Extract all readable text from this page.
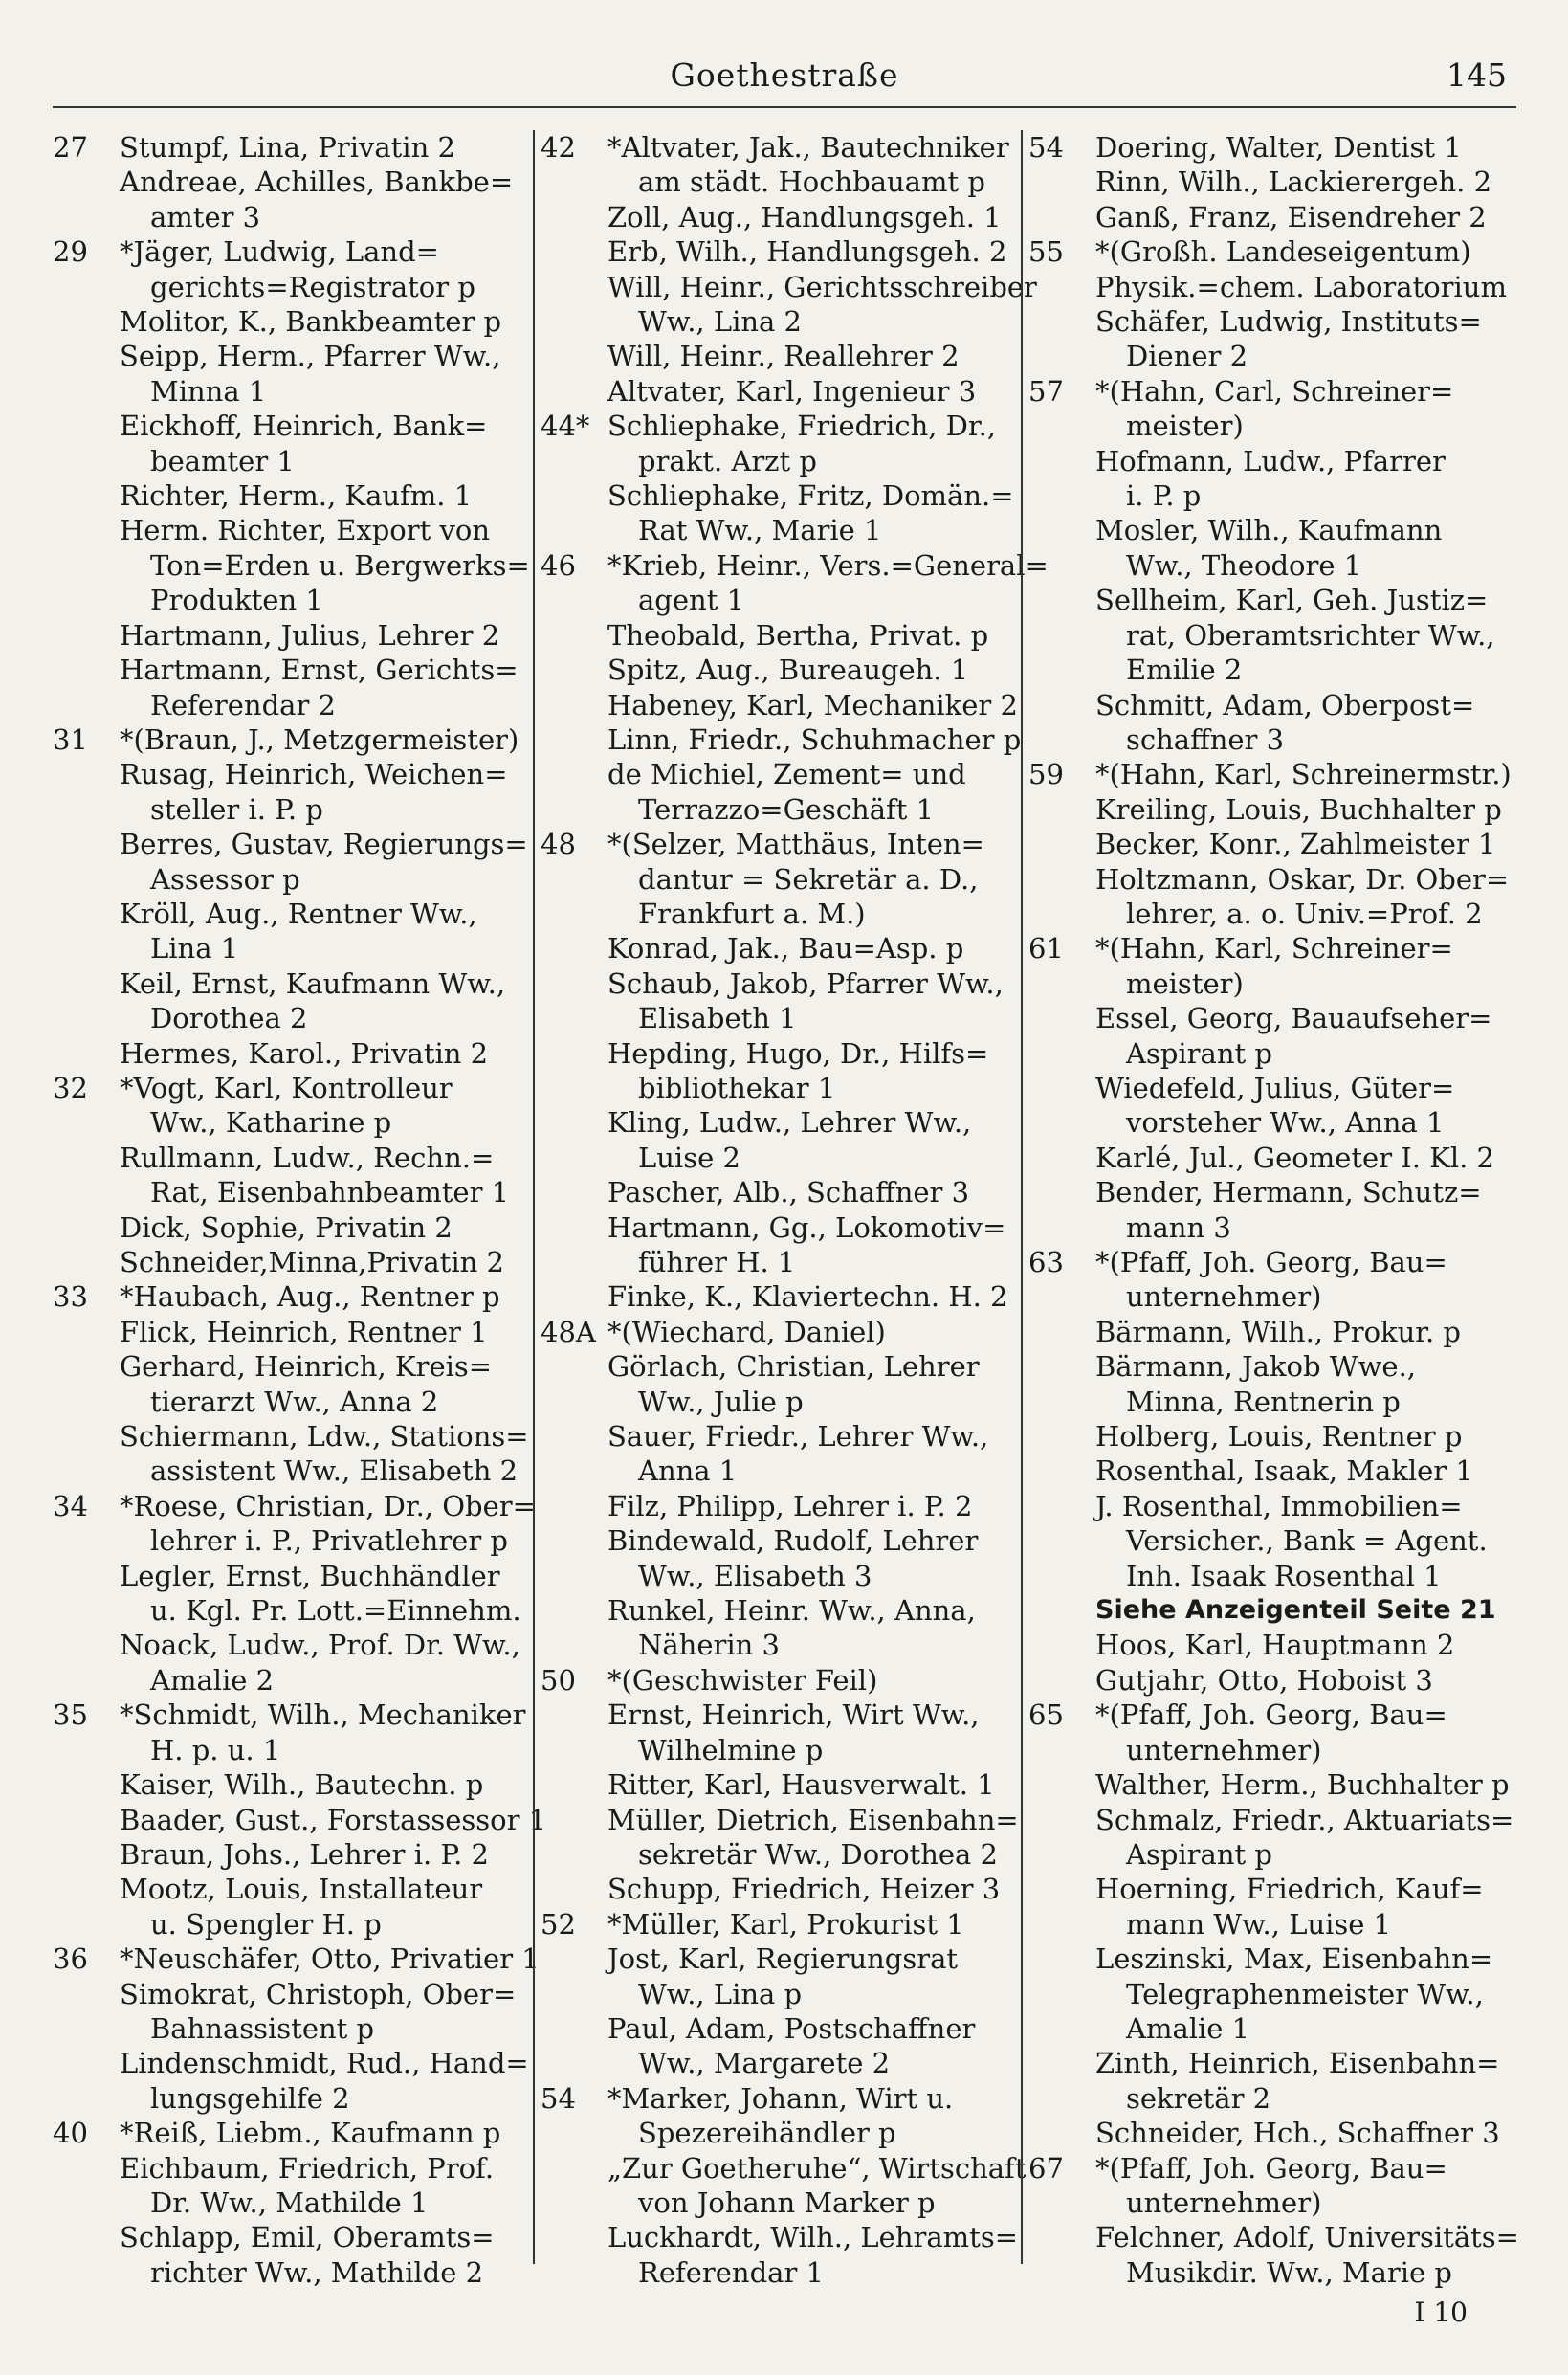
Goethestraße	145
27	Stumpf, Lina, Privatin 2
Andreae, Achilles, Bankbe=
amter 3
29	*Jäger, Ludwig, Land=
gerichts=Registrator p
Molitor, K., Bankbeamter p
Seipp, Herm., Pfarrer Ww.,
Minna 1
Eickhoff, Heinrich, Bank=
beamter 1
Richter, Herm., Kaufm. 1
Herm. Richter, Export von
Ton=Erden u. Bergwerks=
Produkten 1
Hartmann, Julius, Lehrer 2
Hartmann, Ernst, Gerichts=
Referendar 2
31	*(Braun, J., Metzgermeister)
Rusag, Heinrich, Weichen=
steller i. P. p
Berres, Gustav, Regierungs=
Assessor p
Kröll, Aug., Rentner Ww.,
Lina 1
Keil, Ernst, Kaufmann Ww.,
Dorothea 2
Hermes, Karol., Privatin 2
32	*Vogt, Karl, Kontrolleur
Ww., Katharine p
Rullmann, Ludw., Rechn.=
Rat, Eisenbahnbeamter 1
Dick, Sophie, Privatin 2
Schneider,Minna,Privatin 2
33	*Haubach, Aug., Rentner p
Flick, Heinrich, Rentner 1
Gerhard, Heinrich, Kreis=
tierarzt Ww., Anna 2
Schiermann, Ldw., Stations=
assistent Ww., Elisabeth 2
34	*Roese, Christian, Dr., Ober=
lehrer i. P., Privatlehrer p
Legler, Ernst, Buchhändler
u. Kgl. Pr. Lott.=Einnehm.
Noack, Ludw., Prof. Dr. Ww.,
Amalie 2
35	*Schmidt, Wilh., Mechaniker
H. p. u. 1
Kaiser, Wilh., Bautechn. p
Baader, Gust., Forstassessor 1
Braun, Johs., Lehrer i. P. 2
Mootz, Louis, Installateur
u. Spengler H. p
36	*Neuschäfer, Otto, Privatier 1
Simokrat, Christoph, Ober=
Bahnassistent p
Lindenschmidt, Rud., Hand=
lungsgehilfe 2
40	*Reiß, Liebm., Kaufmann p
Eichbaum, Friedrich, Prof.
Dr. Ww., Mathilde 1
Schlapp, Emil, Oberamts=
richter Ww., Mathilde 2
42	*Altvater, Jak., Bautechniker
am städt. Hochbauamt p
Zoll, Aug., Handlungsgeh. 1
Erb, Wilh., Handlungsgeh. 2
Will, Heinr., Gerichtsschreiber
Ww., Lina 2
Will, Heinr., Reallehrer 2
Altvater, Karl, Ingenieur 3
44* Schliephake, Friedrich, Dr.,
prakt. Arzt p
Schliephake, Fritz, Domän.=
Rat Ww., Marie 1
46	*Krieb, Heinr., Vers.=General=
agent 1
Theobald, Bertha, Privat. p
Spitz, Aug., Bureaugeh. 1
Habeney, Karl, Mechaniker 2
Linn, Friedr., Schuhmacher p
de Michiel, Zement= und
Terrazzo=Geschäft 1
48	*(Selzer, Matthäus, Inten=
dantur = Sekretär a. D.,
Frankfurt a. M.)
Konrad, Jak., Bau=Asp. p
Schaub, Jakob, Pfarrer Ww.,
Elisabeth 1
Hepding, Hugo, Dr., Hilfs=
bibliothekar 1
Kling, Ludw., Lehrer Ww.,
Luise 2
Pascher, Alb., Schaffner 3
Hartmann, Gg., Lokomotiv=
führer H. 1
Finke, K., Klaviertechn. H. 2
48A *(Wiechard, Daniel)
Görlach, Christian, Lehrer
Ww., Julie p
Sauer, Friedr., Lehrer Ww.,
Anna 1
Filz, Philipp, Lehrer i. P. 2
Bindewald, Rudolf, Lehrer
Ww., Elisabeth 3
Runkel, Heinr. Ww., Anna,
Näherin 3
50	*(Geschwister Feil)
Ernst, Heinrich, Wirt Ww.,
Wilhelmine p
Ritter, Karl, Hausverwalt. 1
Müller, Dietrich, Eisenbahn=
sekretär Ww., Dorothea 2
Schupp, Friedrich, Heizer 3
52	*Müller, Karl, Prokurist 1
Jost, Karl, Regierungsrat
Ww., Lina p
Paul, Adam, Postschaffner
Ww., Margarete 2
54	*Marker, Johann, Wirt u.
Spezereihändler p
„Zur Goetheruhe“, Wirtschaft
von Johann Marker p
Luckhardt, Wilh., Lehramts=
Referendar 1
54	Doering, Walter, Dentist 1
Rinn, Wilh., Lackierergeh. 2
Ganß, Franz, Eisendreher 2
55	*(Großh. Landeseigentum)
Physik.=chem. Laboratorium
Schäfer, Ludwig, Instituts=
Diener 2
57	*(Hahn, Carl, Schreiner=
meister)
Hofmann, Ludw., Pfarrer
i. P. p
Mosler, Wilh., Kaufmann
Ww., Theodore 1
Sellheim, Karl, Geh. Justiz=
rat, Oberamtsrichter Ww.,
Emilie 2
Schmitt, Adam, Oberpost=
schaffner 3
59	*(Hahn, Karl, Schreinermstr.)
Kreiling, Louis, Buchhalter p
Becker, Konr., Zahlmeister 1
Holtzmann, Oskar, Dr. Ober=
lehrer, a. o. Univ.=Prof. 2
61	*(Hahn, Karl, Schreiner=
meister)
Essel, Georg, Bauaufseher=
Aspirant p
Wiedefeld, Julius, Güter=
vorsteher Ww., Anna 1
Karlé, Jul., Geometer I. Kl. 2
Bender, Hermann, Schutz=
mann 3
63	*(Pfaff, Joh. Georg, Bau=
unternehmer)
Bärmann, Wilh., Prokur. p
Bärmann, Jakob Wwe.,
Minna, Rentnerin p
Holberg, Louis, Rentner p
Rosenthal, Isaak, Makler 1
J. Rosenthal, Immobilien=
Versicher., Bank = Agent.
Inh. Isaak Rosenthal 1
Siehe Anzeigenteil Seite 21
Hoos, Karl, Hauptmann 2
Gutjahr, Otto, Hoboist 3
65	*(Pfaff, Joh. Georg, Bau=
unternehmer)
Walther, Herm., Buchhalter p
Schmalz, Friedr., Aktuariats=
Aspirant p
Hoerning, Friedrich, Kauf=
mann Ww., Luise 1
Leszinski, Max, Eisenbahn=
Telegraphenmeister Ww.,
Amalie 1
Zinth, Heinrich, Eisenbahn=
sekretär 2
Schneider, Hch., Schaffner 3
67	*(Pfaff, Joh. Georg, Bau=
unternehmer)
Felchner, Adolf, Universitäts=
Musikdir. Ww., Marie p
I 10
